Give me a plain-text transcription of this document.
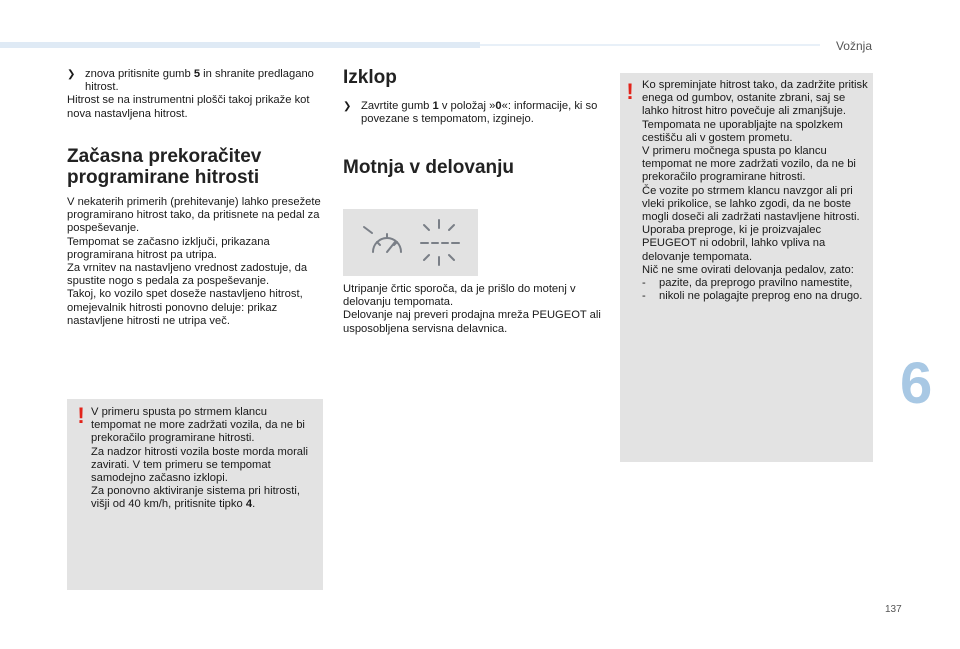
Vožnja
6
137

❯ znova pritisnite gumb 5 in shranite predlagano hitrost.

Hitrost se na instrumentni plošči takoj prikaže kot nova nastavljena hitrost.

Začasna prekoračitev
programirane hitrosti

V nekaterih primerih (prehitevanje) lahko presežete programirano hitrost tako, da pritisnete na pedal za pospeševanje.

Tempomat se začasno izključi, prikazana programirana hitrost pa utripa.

Za vrnitev na nastavljeno vrednost zadostuje, da spustite nogo s pedala za pospeševanje.

Takoj, ko vozilo spet doseže nastavljeno hitrost, omejevalnik hitrosti ponovno deluje: prikaz nastavljene hitrosti ne utripa več.

! V primeru spusta po strmem klancu tempomat ne more zadržati vozila, da ne bi prekoračilo programirane hitrosti.

Za nadzor hitrosti vozila boste morda morali zavirati. V tem primeru se tempomat samodejno začasno izklopi.

Za ponovno aktiviranje sistema pri hitrosti, višji od 40 km/h, pritisnite tipko 4.

Izklop

❯ Zavrtite gumb 1 v položaj »0«: informacije, ki so povezane s tempomatom, izginejo.

Motnja v delovanju

Utripanje črtic sporoča, da je prišlo do motenj v delovanju tempomata.

Delovanje naj preveri prodajna mreža PEUGEOT ali usposobljena servisna delavnica.

! Ko spreminjate hitrost tako, da zadržite pritisk enega od gumbov, ostanite zbrani, saj se lahko hitrost hitro povečuje ali zmanjšuje.

Tempomata ne uporabljajte na spolzkem cestišču ali v gostem prometu.

V primeru močnega spusta po klancu tempomat ne more zadržati vozilo, da ne bi prekoračilo programirane hitrosti.

Če vozite po strmem klancu navzgor ali pri vleki prikolice, se lahko zgodi, da ne boste mogli doseči ali zadržati nastavljene hitrosti.

Uporaba preproge, ki je proizvajalec PEUGEOT ni odobril, lahko vpliva na delovanje tempomata.

Nič ne sme ovirati delovanja pedalov, zato:

- pazite, da preprogo pravilno namestite,

- nikoli ne polagajte preprog eno na drugo.
